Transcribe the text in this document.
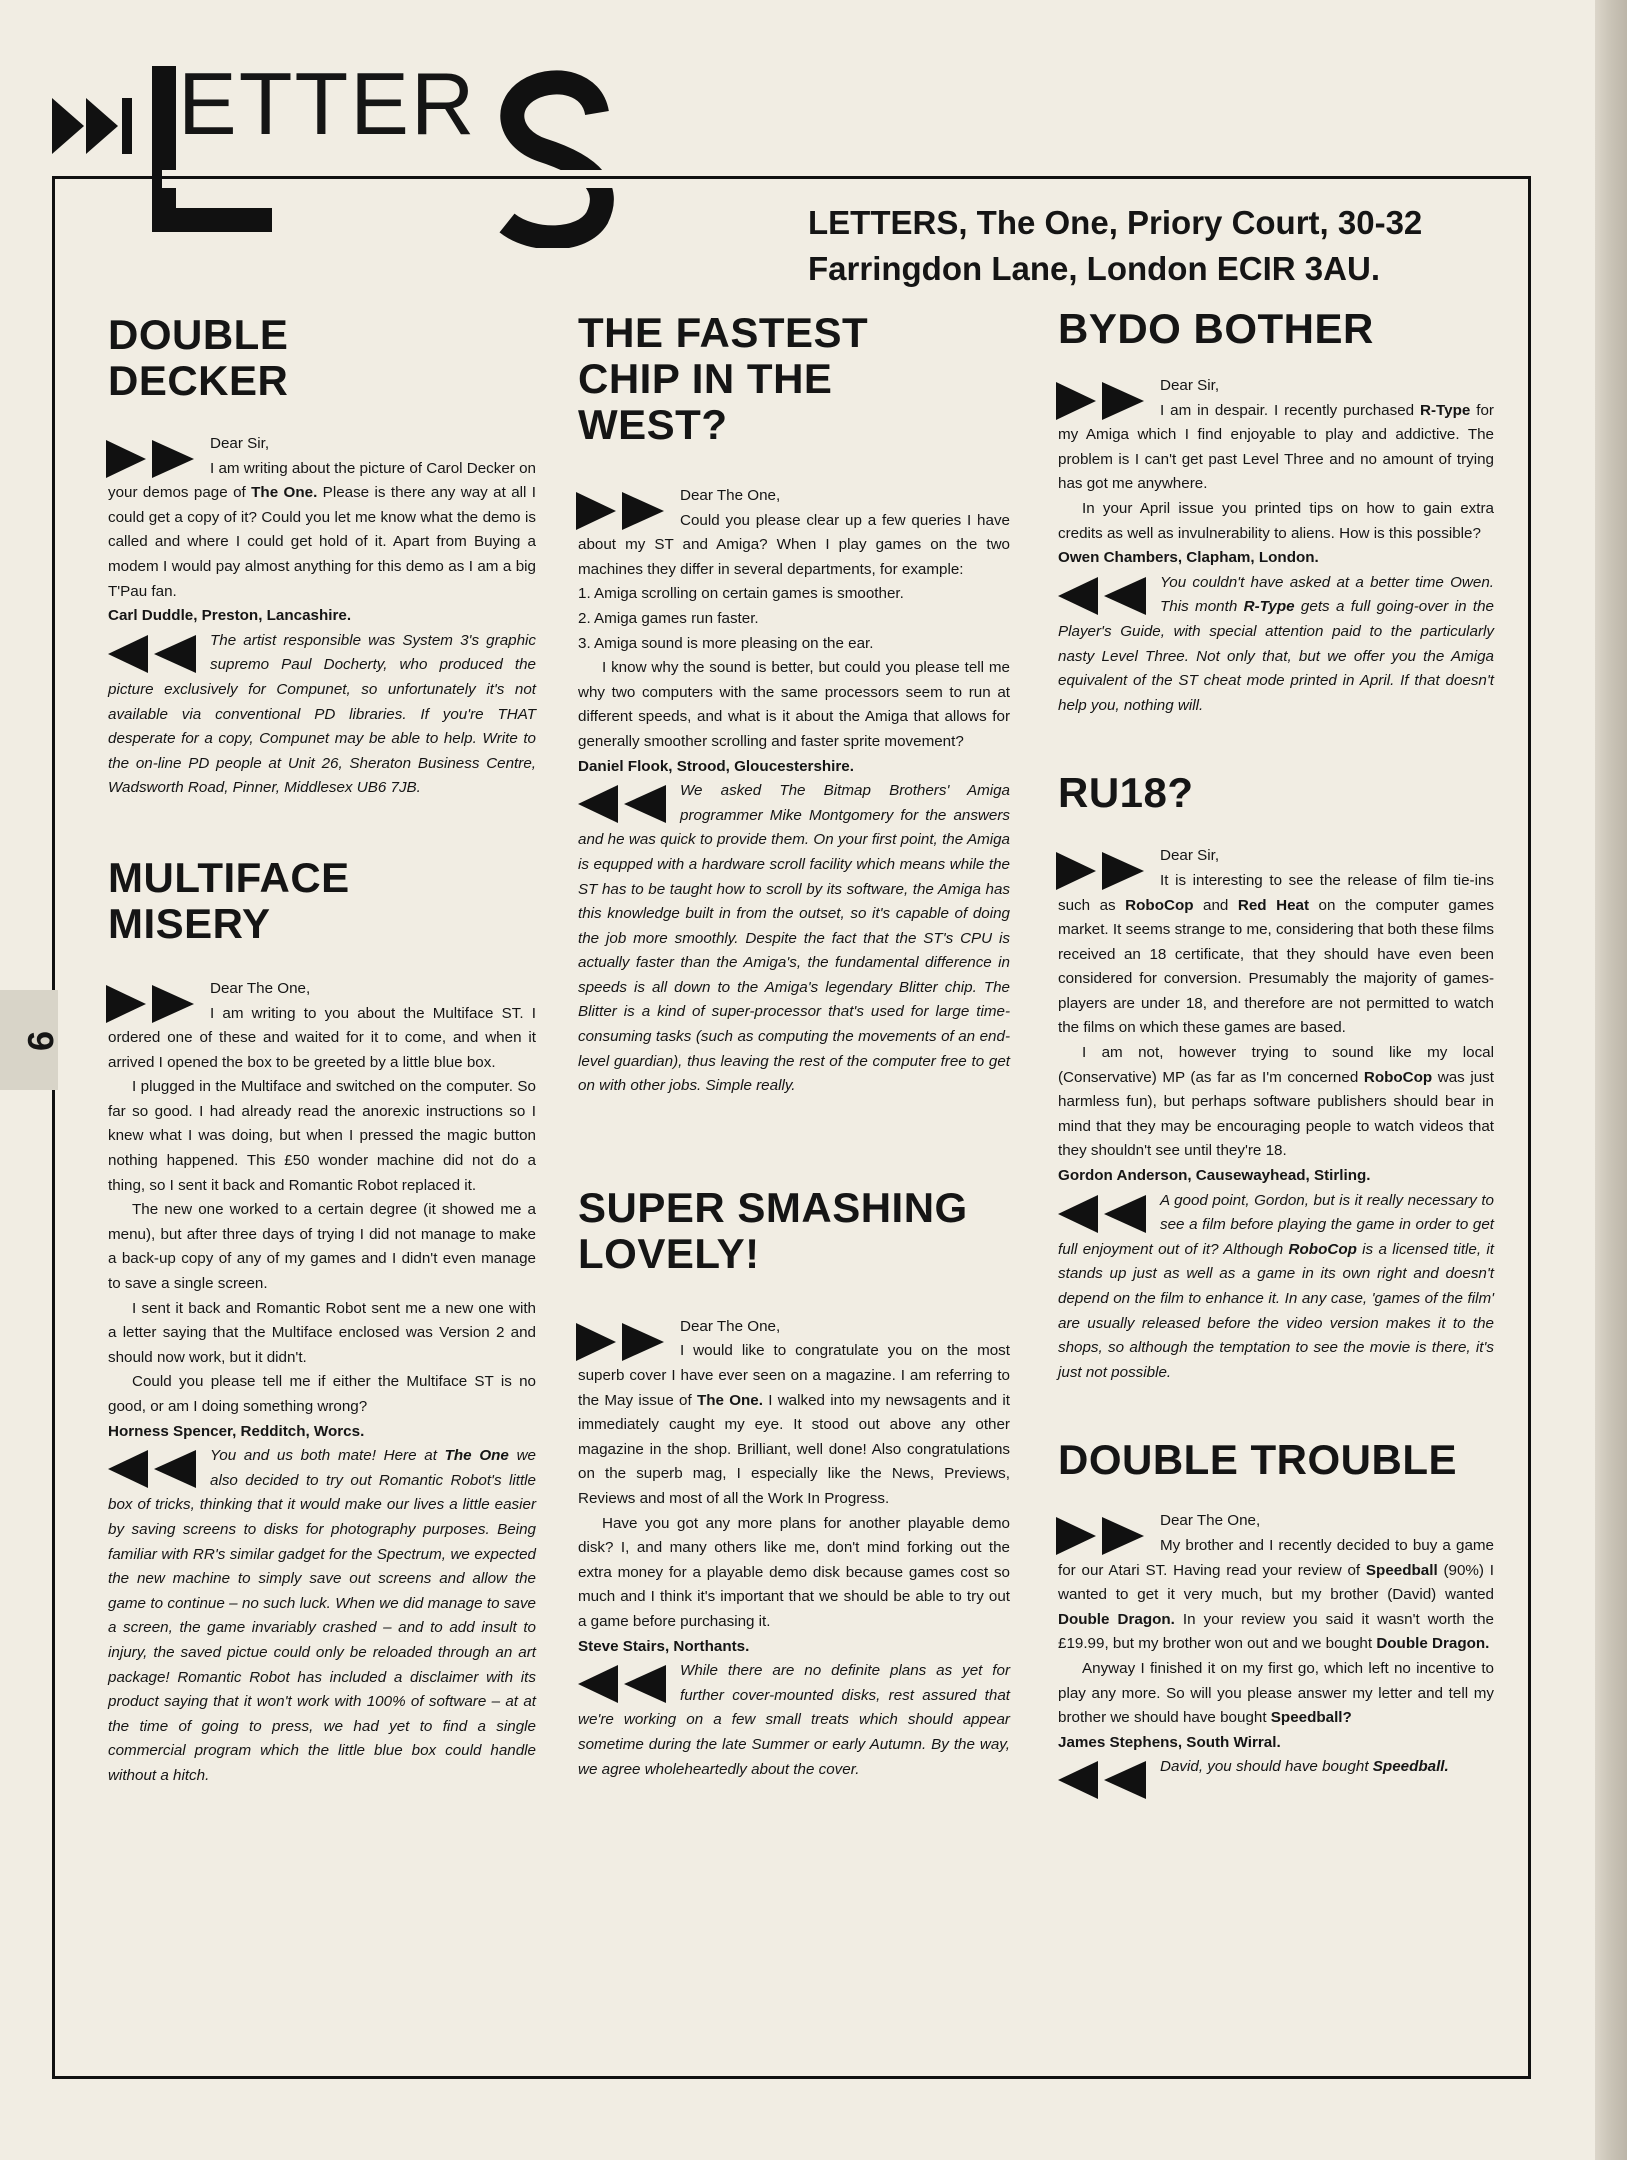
ETTER
LETTERS, The One, Priory Court, 30-32
Farringdon Lane, London ECIR 3AU.
9
DOUBLE
DECKER

Dear Sir,

I am writing about the picture of Carol Decker on your demos page of The One. Please is there any way at all I could get a copy of it? Could you let me know what the demo is called and where I could get hold of it. Apart from Buying a modem I would pay almost anything for this demo as I am a big T'Pau fan.

Carl Duddle, Preston, Lancashire.

The artist responsible was System 3's graphic supremo Paul Docherty, who produced the picture exclusively for Compunet, so unfortunately it's not available via conventional PD libraries. If you're THAT desperate for a copy, Compunet may be able to help. Write to the on-line PD people at Unit 26, Sheraton Business Centre, Wadsworth Road, Pinner, Middlesex UB6 7JB.

MULTIFACE
MISERY

Dear The One,

I am writing to you about the Multiface ST. I ordered one of these and waited for it to come, and when it arrived I opened the box to be greeted by a little blue box.

I plugged in the Multiface and switched on the computer. So far so good. I had already read the anorexic instructions so I knew what I was doing, but when I pressed the magic button nothing happened. This £50 wonder machine did not do a thing, so I sent it back and Romantic Robot replaced it.

The new one worked to a certain degree (it showed me a menu), but after three days of trying I did not manage to make a back-up copy of any of my games and I didn't even manage to save a single screen.

I sent it back and Romantic Robot sent me a new one with a letter saying that the Multiface enclosed was Version 2 and should now work, but it didn't.

Could you please tell me if either the Multiface ST is no good, or am I doing something wrong?

Horness Spencer, Redditch, Worcs.

You and us both mate! Here at The One we also decided to try out Romantic Robot's little box of tricks, thinking that it would make our lives a little easier by saving screens to disks for photography purposes. Being familiar with RR's similar gadget for the Spectrum, we expected the new machine to simply save out screens and allow the game to continue – no such luck. When we did manage to save a screen, the game invariably crashed – and to add insult to injury, the saved pictue could only be reloaded through an art package! Romantic Robot has included a disclaimer with its product saying that it won't work with 100% of software – at at the time of going to press, we had yet to find a single commercial program which the little blue box could handle without a hitch.

THE FASTEST
CHIP IN THE
WEST?

Dear The One,

Could you please clear up a few queries I have about my ST and Amiga? When I play games on the two machines they differ in several departments, for example:

1. Amiga scrolling on certain games is smoother.

2. Amiga games run faster.

3. Amiga sound is more pleasing on the ear.

I know why the sound is better, but could you please tell me why two computers with the same processors seem to run at different speeds, and what is it about the Amiga that allows for generally smoother scrolling and faster sprite movement?

Daniel Flook, Strood, Gloucestershire.

We asked The Bitmap Brothers' Amiga programmer Mike Montgomery for the answers and he was quick to provide them. On your first point, the Amiga is equpped with a hardware scroll facility which means while the ST has to be taught how to scroll by its software, the Amiga has this knowledge built in from the outset, so it's capable of doing the job more smoothly. Despite the fact that the ST's CPU is actually faster than the Amiga's, the fundamental difference in speeds is all down to the Amiga's legendary Blitter chip. The Blitter is a kind of super-processor that's used for large time-consuming tasks (such as computing the movements of an end-level guardian), thus leaving the rest of the computer free to get on with other jobs. Simple really.

SUPER SMASHING
LOVELY!

Dear The One,

I would like to congratulate you on the most superb cover I have ever seen on a magazine. I am referring to the May issue of The One. I walked into my newsagents and it immediately caught my eye. It stood out above any other magazine in the shop. Brilliant, well done! Also congratulations on the superb mag, I especially like the News, Previews, Reviews and most of all the Work In Progress.

Have you got any more plans for another playable demo disk? I, and many others like me, don't mind forking out the extra money for a playable demo disk because games cost so much and I think it's important that we should be able to try out a game before purchasing it.

Steve Stairs, Northants.

While there are no definite plans as yet for further cover-mounted disks, rest assured that we're working on a few small treats which should appear sometime during the late Summer or early Autumn. By the way, we agree wholeheartedly about the cover.

BYDO BOTHER

Dear Sir,

I am in despair. I recently purchased R-Type for my Amiga which I find enjoyable to play and addictive. The problem is I can't get past Level Three and no amount of trying has got me anywhere.

In your April issue you printed tips on how to gain extra credits as well as invulnerability to aliens. How is this possible?

Owen Chambers, Clapham, London.

You couldn't have asked at a better time Owen. This month R-Type gets a full going-over in the Player's Guide, with special attention paid to the particularly nasty Level Three. Not only that, but we offer you the Amiga equivalent of the ST cheat mode printed in April. If that doesn't help you, nothing will.

RU18?

Dear Sir,

It is interesting to see the release of film tie-ins such as RoboCop and Red Heat on the computer games market. It seems strange to me, considering that both these films received an 18 certificate, that they should have even been considered for conversion. Presumably the majority of games-players are under 18, and therefore are not permitted to watch the films on which these games are based.

I am not, however trying to sound like my local (Conservative) MP (as far as I'm concerned RoboCop was just harmless fun), but perhaps software publishers should bear in mind that they may be encouraging people to watch videos that they shouldn't see until they're 18.

Gordon Anderson, Causewayhead, Stirling.

A good point, Gordon, but is it really necessary to see a film before playing the game in order to get full enjoyment out of it? Although RoboCop is a licensed title, it stands up just as well as a game in its own right and doesn't depend on the film to enhance it. In any case, 'games of the film' are usually released before the video version makes it to the shops, so although the temptation to see the movie is there, it's just not possible.

DOUBLE TROUBLE

Dear The One,

My brother and I recently decided to buy a game for our Atari ST. Having read your review of Speedball (90%) I wanted to get it very much, but my brother (David) wanted Double Dragon. In your review you said it wasn't worth the £19.99, but my brother won out and we bought Double Dragon.

Anyway I finished it on my first go, which left no incentive to play any more. So will you please answer my letter and tell my brother we should have bought Speedball?

James Stephens, South Wirral.

David, you should have bought Speedball.
